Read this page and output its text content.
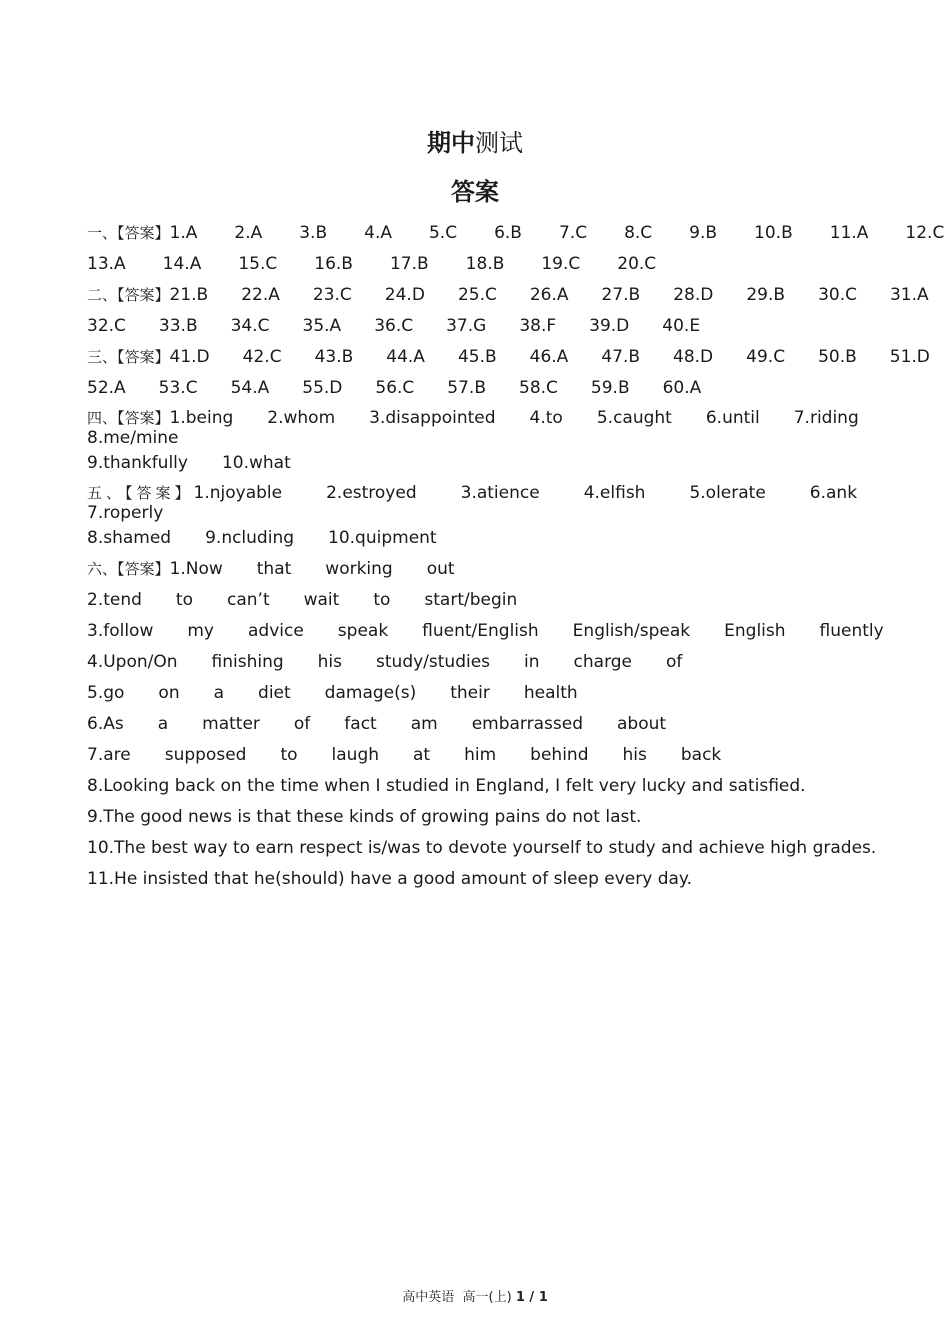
期中测试
答案
一、【答案】 1.A 2.A 3.B 4.A 5.C 6.B 7.C 8.C 9.B 10.B 11.A 12.C
13.A 14.A 15.C 16.B 17.B 18.B 19.C 20.C
二、【答案】 21.B 22.A 23.C 24.D 25.C 26.A 27.B 28.D 29.B 30.C 31.A
32.C 33.B 34.C 35.A 36.C 37.G 38.F 39.D 40.E
三、【答案】 41.D 42.C 43.B 44.A 45.B 46.A 47.B 48.D 49.C 50.B 51.D
52.A 53.C 54.A 55.D 56.C 57.B 58.C 59.B 60.A
四、【答案】 1.being 2.whom 3.disappointed 4.to 5.caught 6.until 7.riding
8.me/mine
9.thankfully 10.what
五、【答案】 1.njoyable	2.estroyed	3.atience	4.elfish	5.olerate	6.ank
7.roperly
8.shamed 9.ncluding 10.quipment
六、【答案】 1.Now that working out
2.tend to can’t wait to start/begin
3.follow my advice speak fluent/English English/speak English fluently
4.Upon/On finishing his study/studies in charge of
5.go on a diet damage(s) their health
6.As a matter of fact am embarrassed about
7.are supposed to laugh at him behind his back
8.Looking back on the time when I studied in England, I felt very lucky and satisfied.
9.The good news is that these kinds of growing pains do not last.
10.The best way to earn respect is/was to devote yourself to study and achieve high grades.
11.He insisted that he(should) have a good amount of sleep every day.
高中英语 高一(上) 1 / 1
